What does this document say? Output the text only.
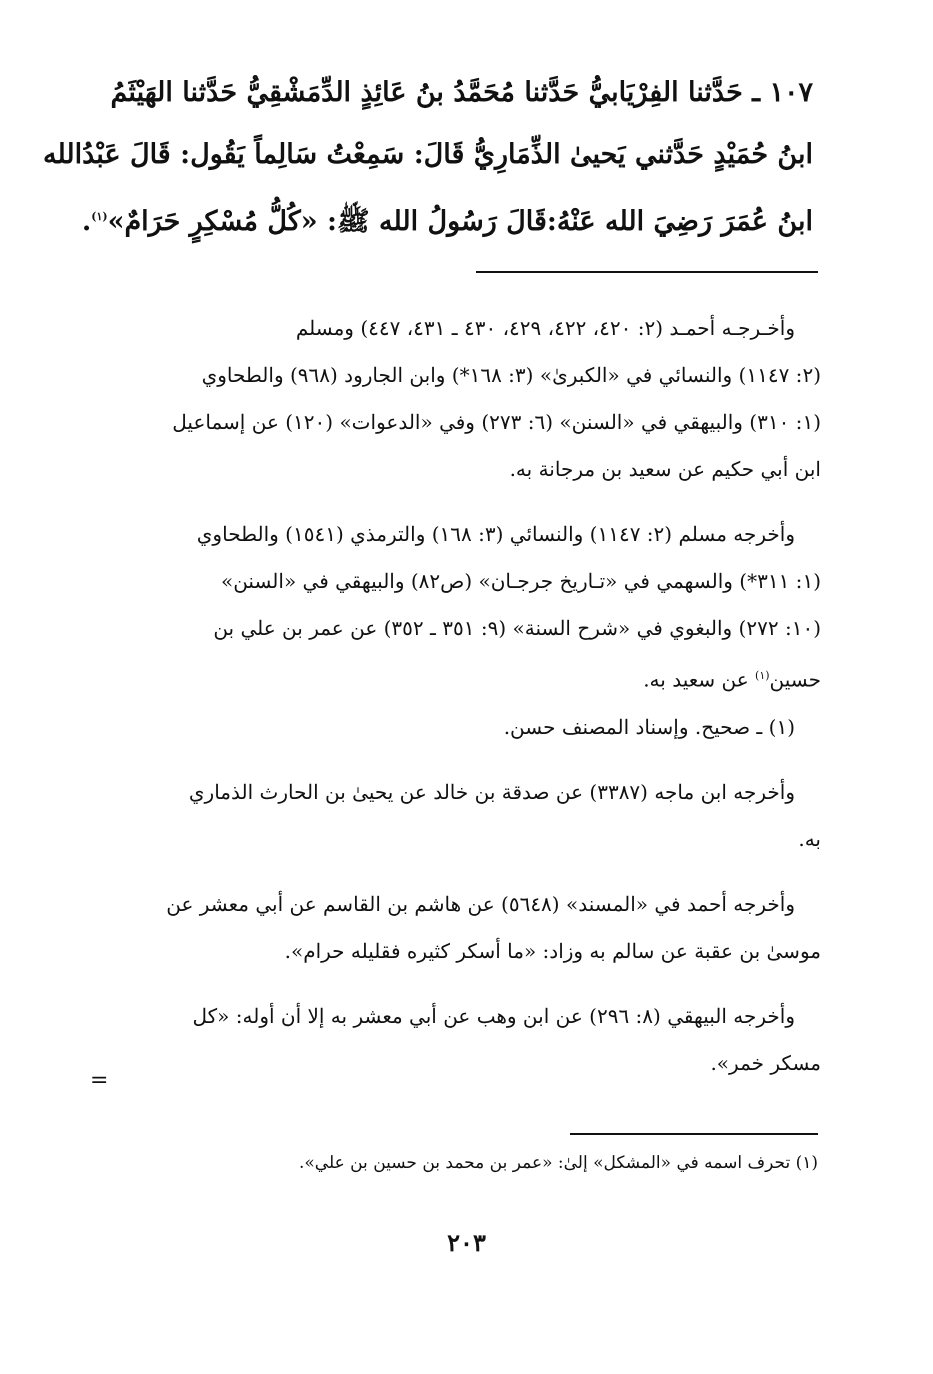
١٠٧ ـ حَدَّثنا الفِرْيَابيُّ حَدَّثنا مُحَمَّدُ بنُ عَائِذٍ الدِّمَشْقِيُّ حَدَّثنا الهَيْثَمُ
ابنُ حُمَيْدٍ حَدَّثني يَحيىٰ الذِّمَارِيُّ قَالَ: سَمِعْتُ سَالِماً يَقُول: قَالَ عَبْدُالله
ابنُ عُمَرَ رَضِيَ الله عَنْهُ:قَالَ رَسُولُ الله ﷺ: «كُلُّ مُسْكِرٍ حَرَامٌ»$^{(١)}$.

وأخـرجـه أحمـد (٢: ٤٢٠، ٤٢٢، ٤٢٩، ٤٣٠ ـ ٤٣١، ٤٤٧) ومسلم
(٢: ١١٤٧) والنسائي في «الكبرىٰ» (٣: ١٦٨*) وابن الجارود (٩٦٨) والطحاوي
(١: ٣١٠) والبيهقي في «السنن» (٦: ٢٧٣) وفي «الدعوات» (١٢٠) عن إسماعيل
ابن أبي حكيم عن سعيد بن مرجانة به.

وأخرجه مسلم (٢: ١١٤٧) والنسائي (٣: ١٦٨) والترمذي (١٥٤١) والطحاوي
(١: ٣١١*) والسهمي في «تـاريخ جرجـان» (ص٨٢) والبيهقي في «السنن»
(١٠: ٢٧٢) والبغوي في «شرح السنة» (٩: ٣٥١ ـ ٣٥٢) عن عمر بن علي بن
حسين$^{(١)}$ عن سعيد به.
(١) ـ صحيح. وإسناد المصنف حسن.

وأخرجه ابن ماجه (٣٣٨٧) عن صدقة بن خالد عن يحيىٰ بن الحارث الذماري
به.

وأخرجه أحمد في «المسند» (٥٦٤٨) عن هاشم بن القاسم عن أبي معشر عن
موسىٰ بن عقبة عن سالم به وزاد: «ما أسكر كثيره فقليله حرام».

وأخرجه البيهقي (٨: ٢٩٦) عن ابن وهب عن أبي معشر به إلا أن أوله: «كل
مسكر خمر».

=
(١) تحرف اسمه في «المشكل» إلىٰ: «عمر بن محمد بن حسين بن علي».
٢٠٣
